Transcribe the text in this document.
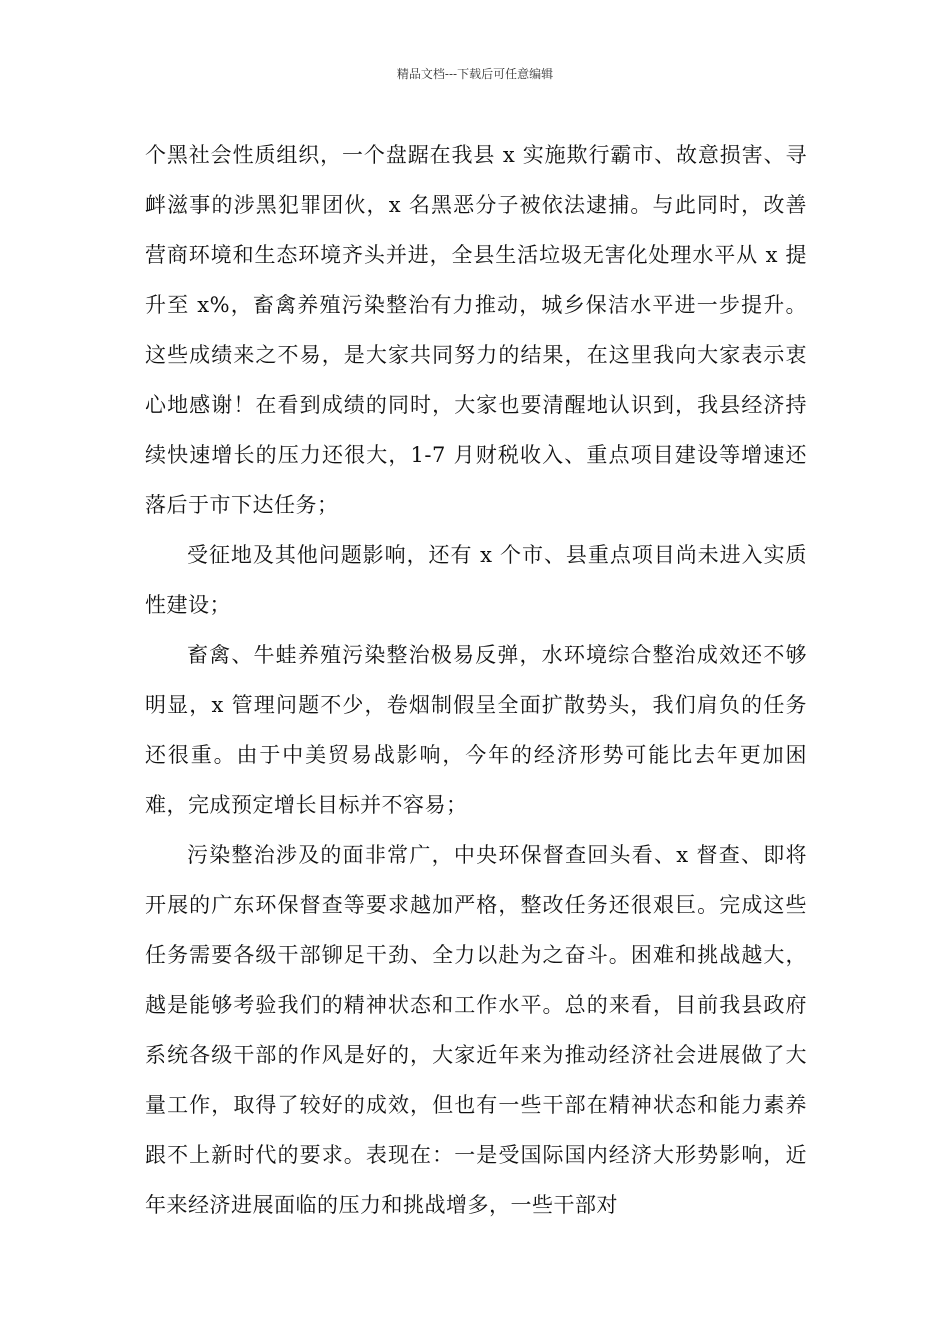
精品文档---下载后可任意编辑

个黑社会性质组织，一个盘踞在我县 x 实施欺行霸市、故意损害、寻衅滋事的涉黑犯罪团伙，x 名黑恶分子被依法逮捕。与此同时，改善营商环境和生态环境齐头并进，全县生活垃圾无害化处理水平从 x 提升至 x%，畜禽养殖污染整治有力推动，城乡保洁水平进一步提升。这些成绩来之不易，是大家共同努力的结果，在这里我向大家表示衷心地感谢！在看到成绩的同时，大家也要清醒地认识到，我县经济持续快速增长的压力还很大，1-7 月财税收入、重点项目建设等增速还落后于市下达任务；

受征地及其他问题影响，还有 x 个市、县重点项目尚未进入实质性建设；

畜禽、牛蛙养殖污染整治极易反弹，水环境综合整治成效还不够明显，x 管理问题不少，卷烟制假呈全面扩散势头，我们肩负的任务还很重。由于中美贸易战影响，今年的经济形势可能比去年更加困难，完成预定增长目标并不容易；

污染整治涉及的面非常广，中央环保督查回头看、x 督查、即将开展的广东环保督查等要求越加严格，整改任务还很艰巨。完成这些任务需要各级干部铆足干劲、全力以赴为之奋斗。困难和挑战越大，越是能够考验我们的精神状态和工作水平。总的来看，目前我县政府系统各级干部的作风是好的，大家近年来为推动经济社会进展做了大量工作，取得了较好的成效，但也有一些干部在精神状态和能力素养跟不上新时代的要求。表现在：一是受国际国内经济大形势影响，近年来经济进展面临的压力和挑战增多，一些干部对
